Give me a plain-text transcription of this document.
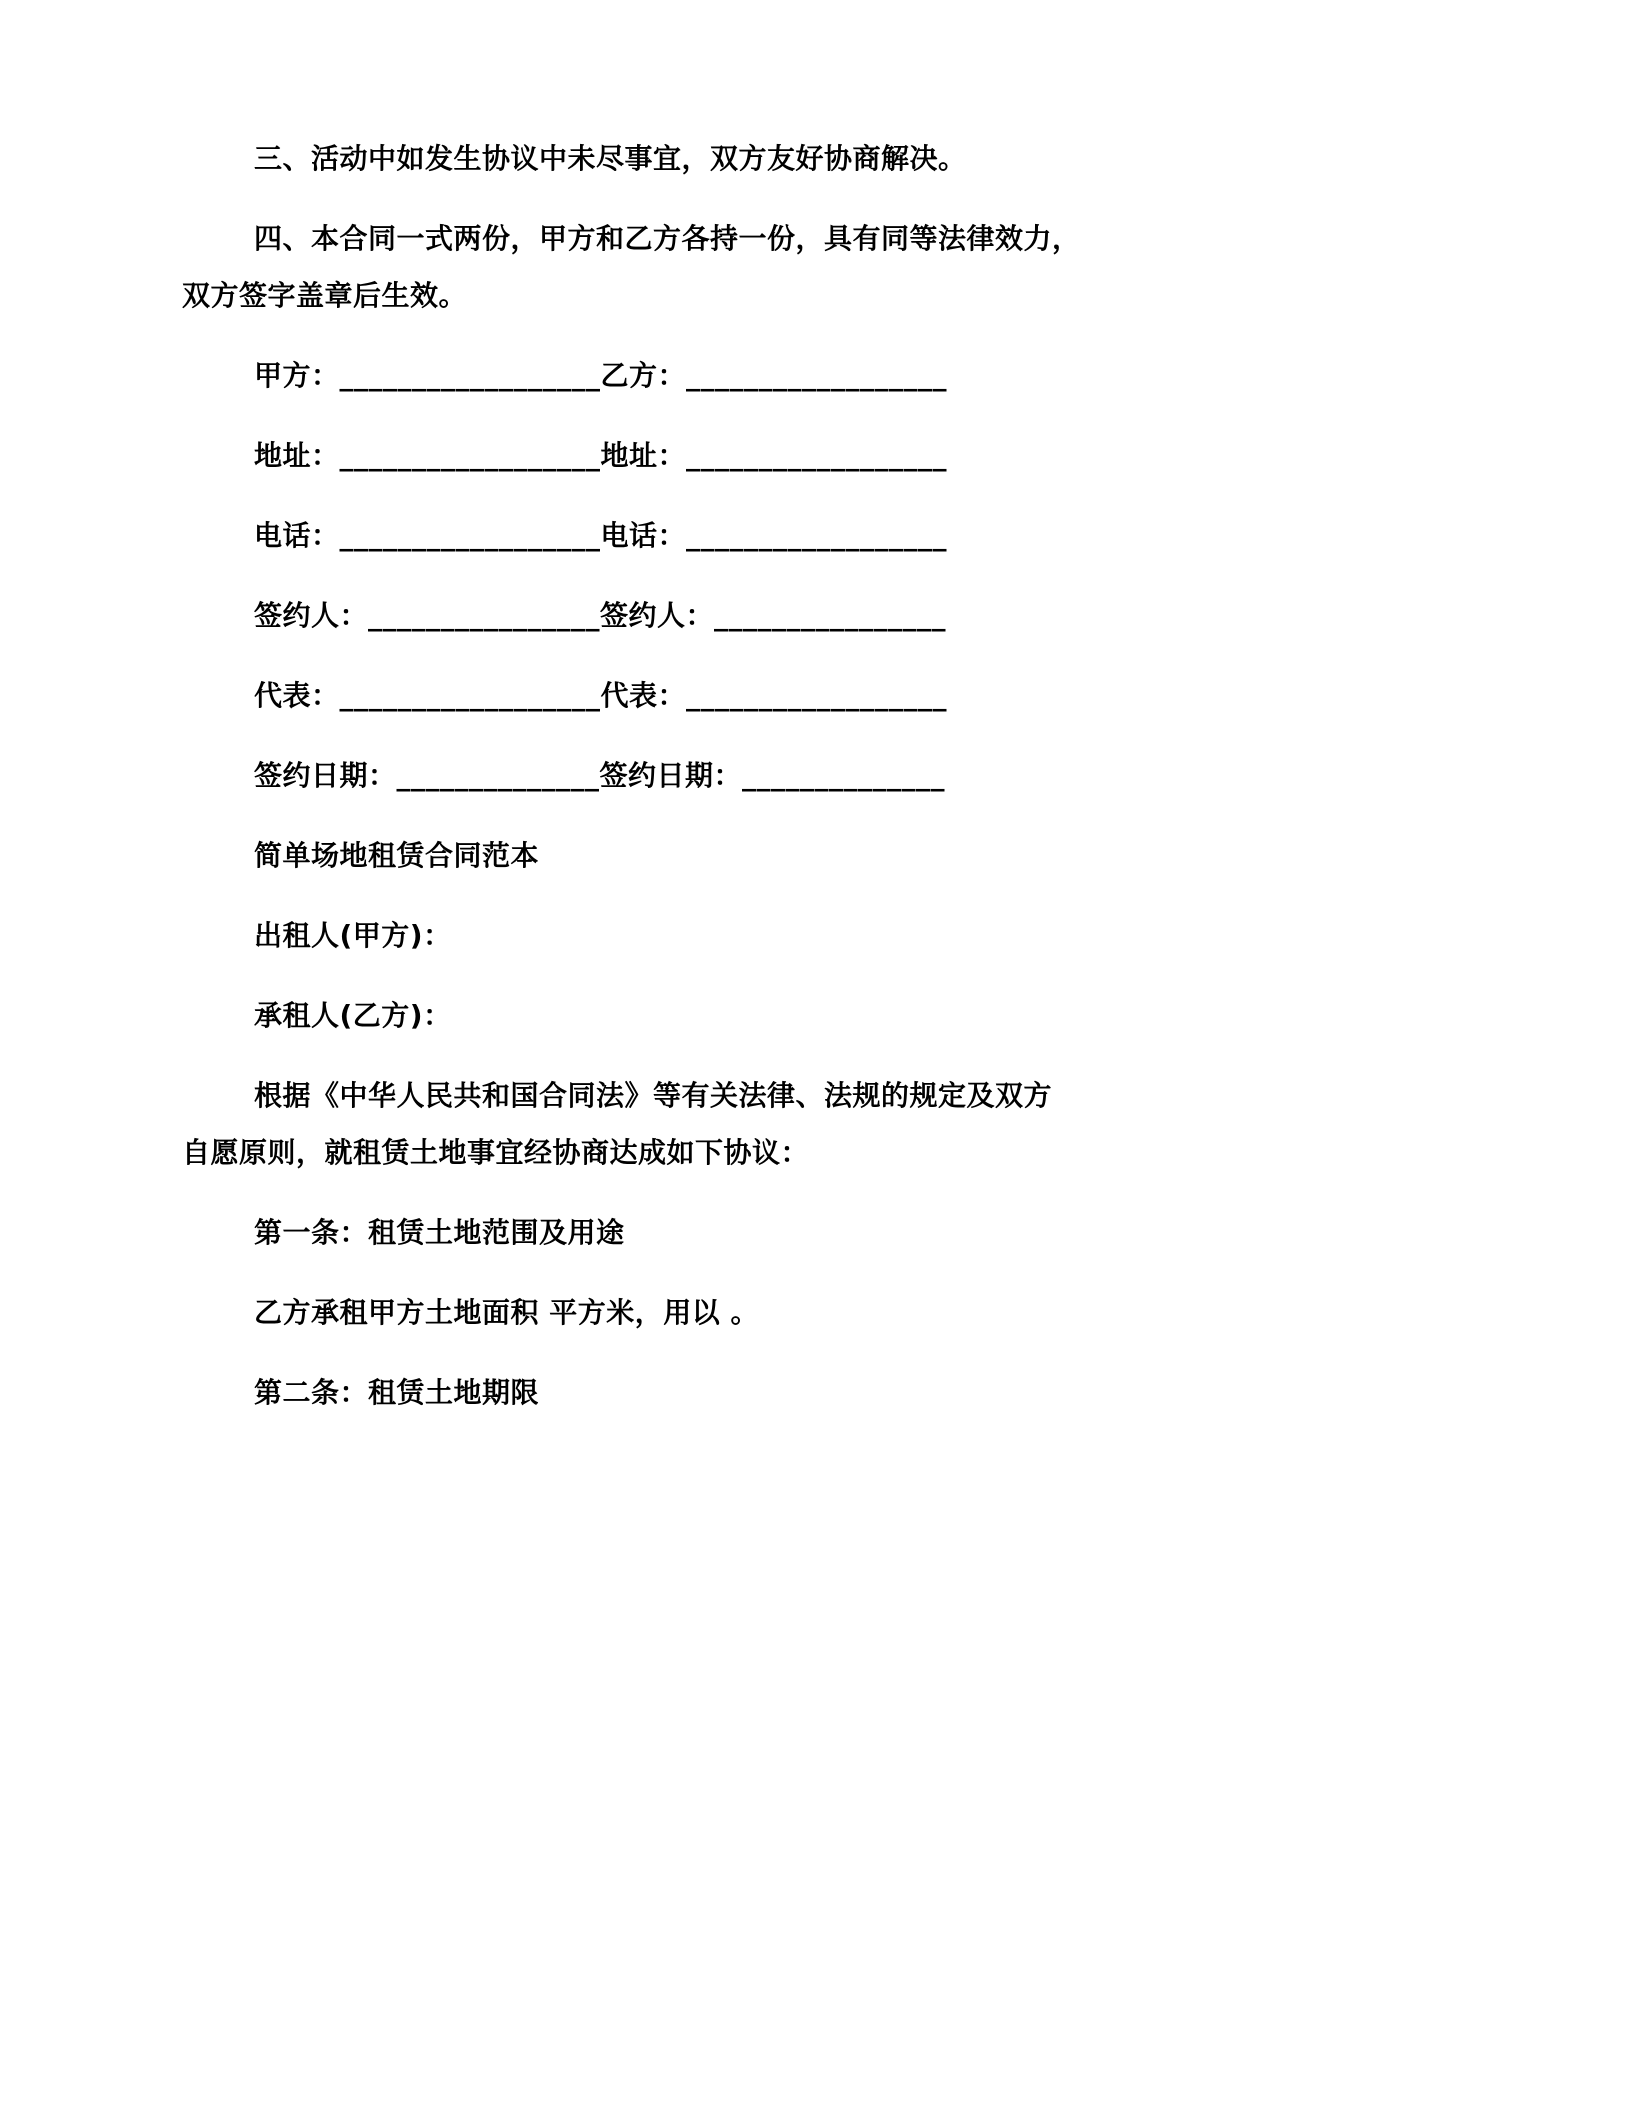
三、活动中如发生协议中未尽事宜，双方友好协商解决。

四、本合同一式两份，甲方和乙方各持一份，具有同等法律效力，
双方签字盖章后生效。

甲方：__________________乙方：__________________

地址：__________________地址：__________________

电话：__________________电话：__________________

签约人：________________签约人：________________

代表：__________________代表：__________________

签约日期：______________签约日期：______________

简单场地租赁合同范本

出租人(甲方)：

承租人(乙方)：

根据《中华人民共和国合同法》等有关法律、法规的规定及双方
自愿原则，就租赁土地事宜经协商达成如下协议：

第一条：租赁土地范围及用途

乙方承租甲方土地面积 平方米，用以 。

第二条：租赁土地期限
